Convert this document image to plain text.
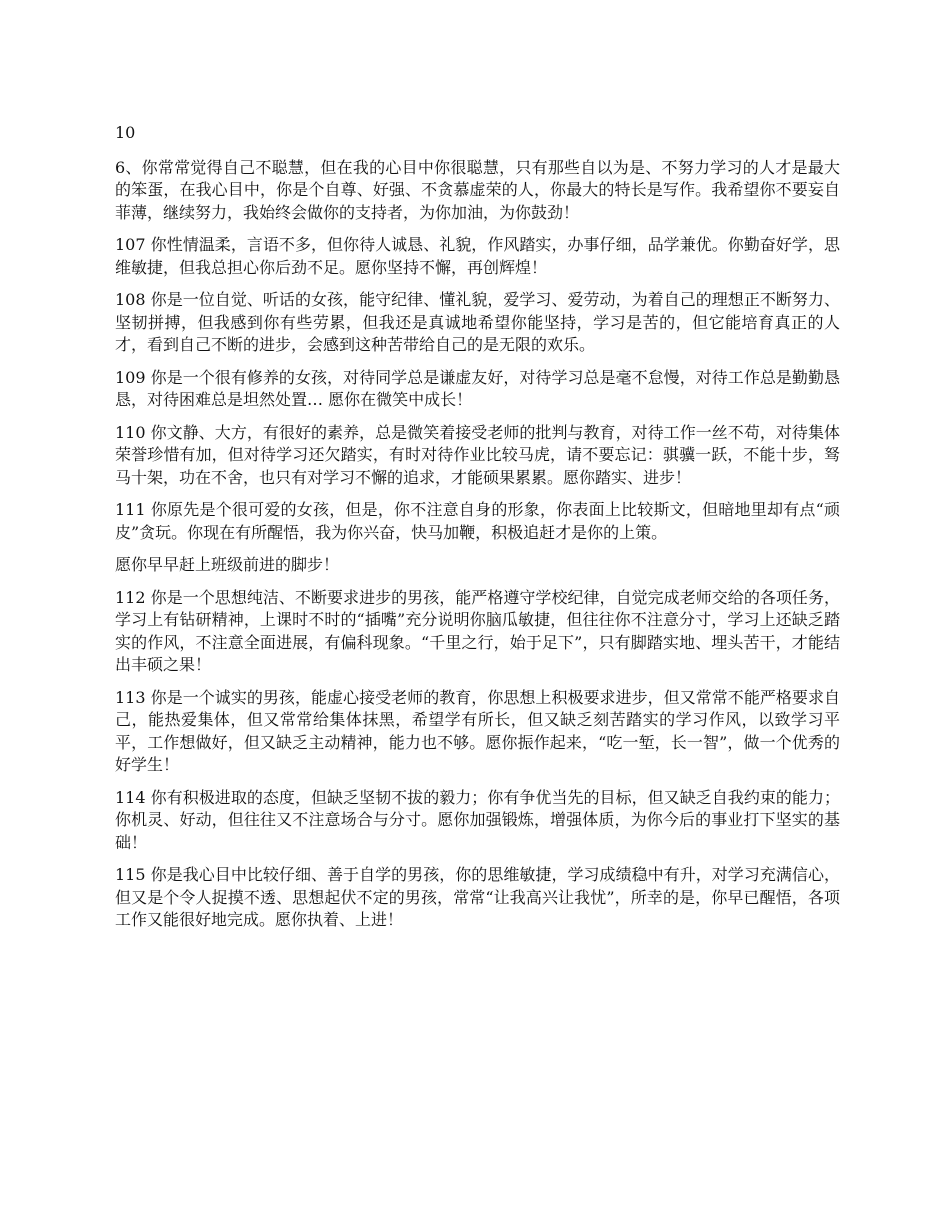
10

6、你常常觉得自己不聪慧，但在我的心目中你很聪慧，只有那些自以为是、不努力学习的人才是最大的笨蛋，在我心目中，你是个自尊、好强、不贪慕虚荣的人，你最大的特长是写作。我希望你不要妄自菲薄，继续努力，我始终会做你的支持者，为你加油，为你鼓劲！

107 你性情温柔，言语不多，但你待人诚恳、礼貌，作风踏实，办事仔细，品学兼优。你勤奋好学，思维敏捷，但我总担心你后劲不足。愿你坚持不懈，再创辉煌！

108 你是一位自觉、听话的女孩，能守纪律、懂礼貌，爱学习、爱劳动，为着自己的理想正不断努力、坚韧拼搏，但我感到你有些劳累，但我还是真诚地希望你能坚持，学习是苦的，但它能培育真正的人才，看到自己不断的进步，会感到这种苦带给自己的是无限的欢乐。

109 你是一个很有修养的女孩，对待同学总是谦虚友好，对待学习总是毫不怠慢，对待工作总是勤勤恳恳，对待困难总是坦然处置… 愿你在微笑中成长！

110 你文静、大方，有很好的素养，总是微笑着接受老师的批判与教育，对待工作一丝不苟，对待集体荣誉珍惜有加，但对待学习还欠踏实，有时对待作业比较马虎，请不要忘记：骐骥一跃，不能十步，驽马十架，功在不舍，也只有对学习不懈的追求，才能硕果累累。愿你踏实、进步！

111 你原先是个很可爱的女孩，但是，你不注意自身的形象，你表面上比较斯文，但暗地里却有点“顽皮”贪玩。你现在有所醒悟，我为你兴奋，快马加鞭，积极追赶才是你的上策。

愿你早早赶上班级前进的脚步！

112 你是一个思想纯洁、不断要求进步的男孩，能严格遵守学校纪律，自觉完成老师交给的各项任务，学习上有钻研精神，上课时不时的“插嘴”充分说明你脑瓜敏捷，但往往你不注意分寸，学习上还缺乏踏实的作风，不注意全面进展，有偏科现象。“千里之行，始于足下”，只有脚踏实地、埋头苦干，才能结出丰硕之果！

113 你是一个诚实的男孩，能虚心接受老师的教育，你思想上积极要求进步，但又常常不能严格要求自己，能热爱集体，但又常常给集体抹黑，希望学有所长，但又缺乏刻苦踏实的学习作风，以致学习平平，工作想做好，但又缺乏主动精神，能力也不够。愿你振作起来，“吃一堑，长一智”，做一个优秀的好学生！

114 你有积极进取的态度，但缺乏坚韧不拔的毅力；你有争优当先的目标，但又缺乏自我约束的能力；你机灵、好动，但往往又不注意场合与分寸。愿你加强锻炼，增强体质，为你今后的事业打下坚实的基础！

115 你是我心目中比较仔细、善于自学的男孩，你的思维敏捷，学习成绩稳中有升，对学习充满信心，但又是个令人捉摸不透、思想起伏不定的男孩，常常“让我高兴让我忧”，所幸的是，你早已醒悟，各项工作又能很好地完成。愿你执着、上进！
